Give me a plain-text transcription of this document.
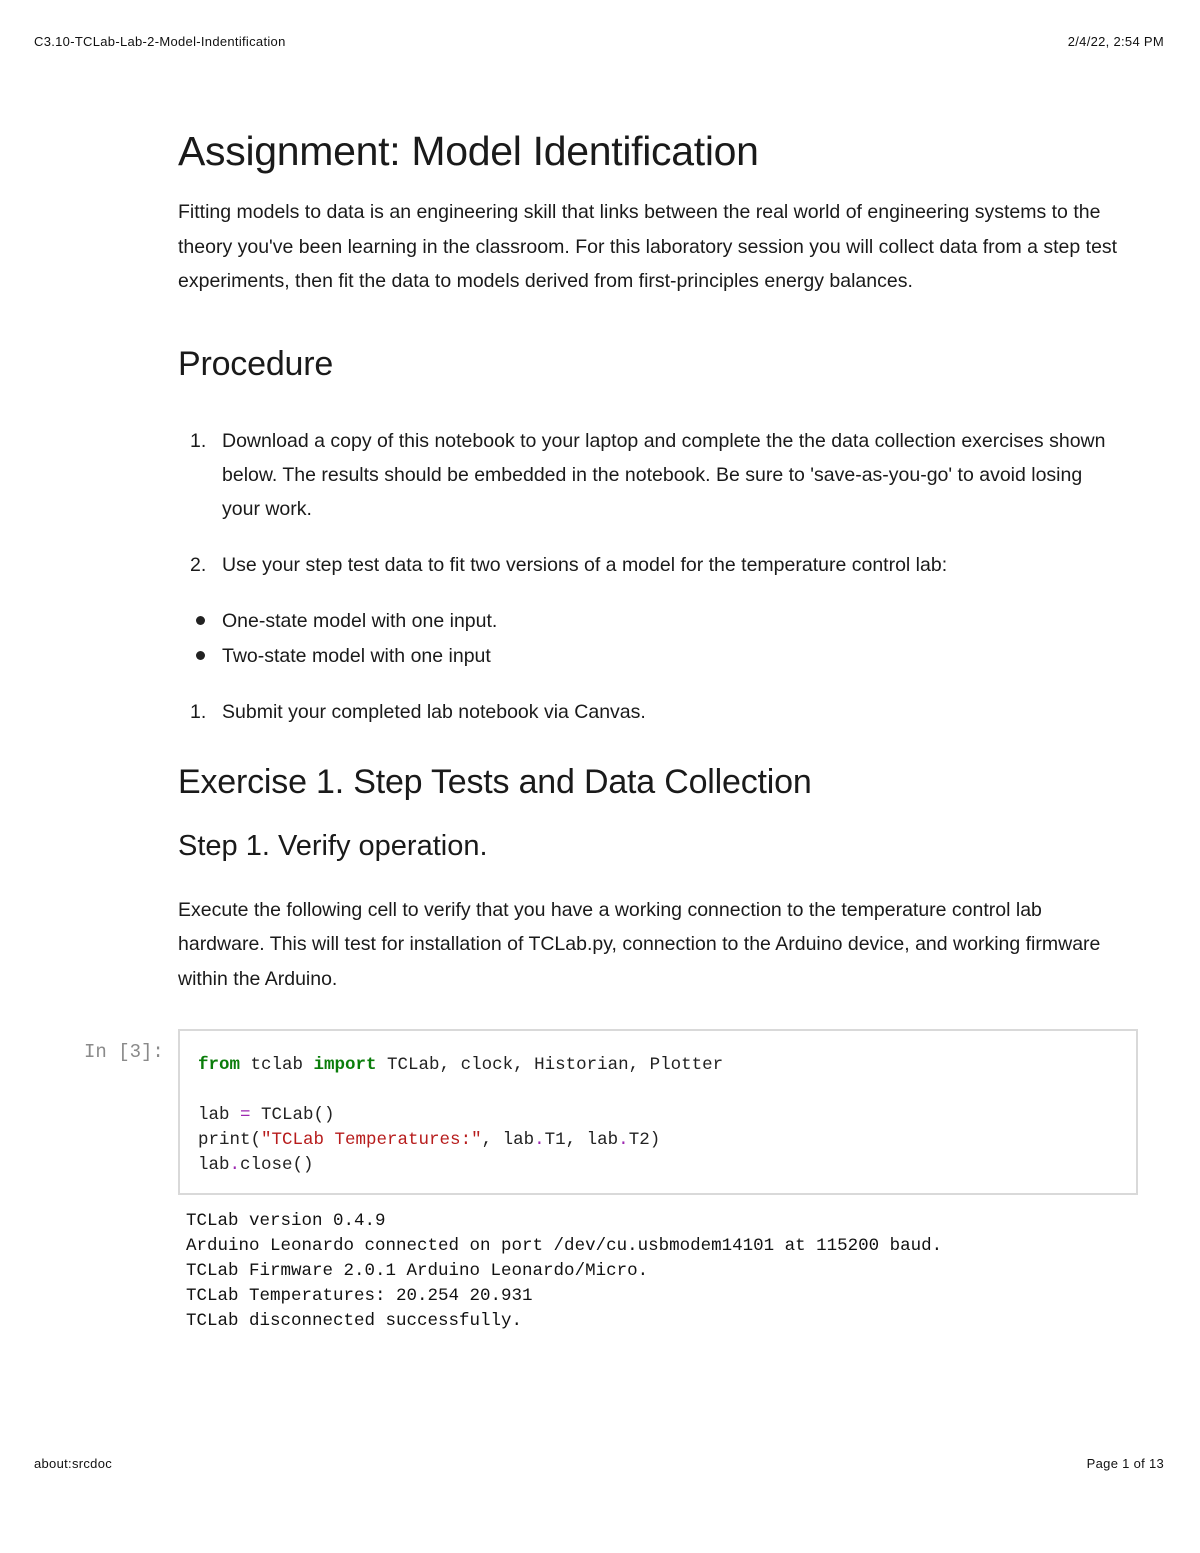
C3.10-TCLab-Lab-2-Model-Indentification	2/4/22, 2:54 PM
Assignment: Model Identification

Fitting models to data is an engineering skill that links between the real world of engineering systems to the theory you've been learning in the classroom. For this laboratory session you will collect data from a step test experiments, then fit the data to models derived from first-principles energy balances.

Procedure
1. Download a copy of this notebook to your laptop and complete the the data collection exercises shown below. The results should be embedded in the notebook. Be sure to 'save-as-you-go' to avoid losing your work.
2. Use your step test data to fit two versions of a model for the temperature control lab:
One-state model with one input.
Two-state model with one input
1. Submit your completed lab notebook via Canvas.
Exercise 1. Step Tests and Data Collection
Step 1. Verify operation.

Execute the following cell to verify that you have a working connection to the temperature control lab hardware. This will test for installation of TCLab.py, connection to the Arduino device, and working firmware within the Arduino.

In [3]:
from tclab import TCLab, clock, Historian, Plotter

lab = TCLab()
print("TCLab Temperatures:", lab.T1, lab.T2)
lab.close()
TCLab version 0.4.9
Arduino Leonardo connected on port /dev/cu.usbmodem14101 at 115200 baud.
TCLab Firmware 2.0.1 Arduino Leonardo/Micro.
TCLab Temperatures: 20.254 20.931
TCLab disconnected successfully.
about:srcdoc	Page 1 of 13
